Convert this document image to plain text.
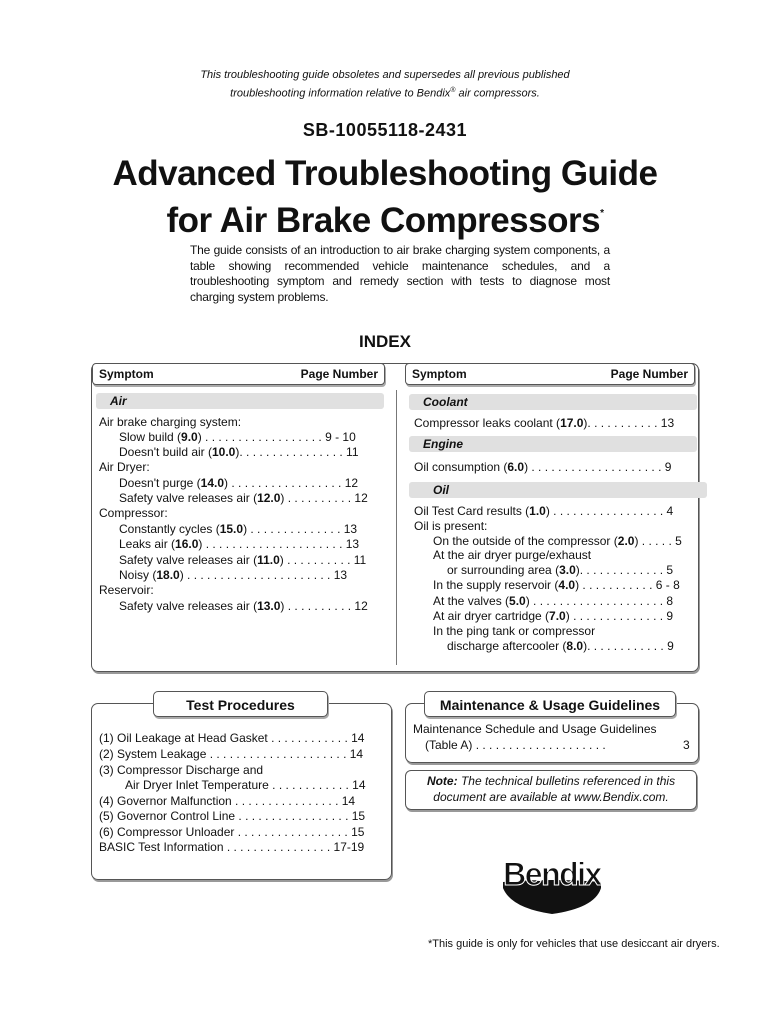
This troubleshooting guide obsoletes and supersedes all previous published
troubleshooting information relative to Bendix® air compressors.
SB-10055118-2431
Advanced Troubleshooting Guide
for Air Brake Compressors*
The guide consists of an introduction to air brake charging system components, a table showing recommended vehicle maintenance schedules, and a troubleshooting symptom and remedy section with tests to diagnose most charging system problems.
INDEX
Symptom	Page Number	Symptom	Page Number
Air
Air brake charging system:
Slow build (9.0) . . . . . . . . . . . . . . . . . . 9 - 10
Doesn't build air (10.0). . . . . . . . . . . . . . . . 11
Air Dryer:
Doesn't purge (14.0) . . . . . . . . . . . . . . . . . 12
Safety valve releases air (12.0) . . . . . . . . . . 12
Compressor:
Constantly cycles (15.0) . . . . . . . . . . . . . . 13
Leaks air (16.0) . . . . . . . . . . . . . . . . . . . . . 13
Safety valve releases air (11.0) . . . . . . . . . . 11
Noisy (18.0) . . . . . . . . . . . . . . . . . . . . . . 13
Reservoir:
Safety valve releases air (13.0) . . . . . . . . . . 12
Coolant
Compressor leaks coolant (17.0). . . . . . . . . . . 13
Engine
Oil consumption (6.0) . . . . . . . . . . . . . . . . . . . . 9
Oil
Oil Test Card results (1.0) . . . . . . . . . . . . . . . . . 4
Oil is present:
On the outside of the compressor (2.0) . . . . . 5
At the air dryer purge/exhaust
or surrounding area (3.0). . . . . . . . . . . . . 5
In the supply reservoir (4.0) . . . . . . . . . . . 6 - 8
At the valves (5.0) . . . . . . . . . . . . . . . . . . . . 8
At air dryer cartridge (7.0) . . . . . . . . . . . . . . 9
In the ping tank or compressor
discharge aftercooler (8.0). . . . . . . . . . . . 9
Test Procedures
(1) Oil Leakage at Head Gasket . . . . . . . . . . . . 14
(2) System Leakage . . . . . . . . . . . . . . . . . . . . . 14
(3) Compressor Discharge and
Air Dryer Inlet Temperature . . . . . . . . . . . . 14
(4) Governor Malfunction . . . . . . . . . . . . . . . . 14
(5) Governor Control Line . . . . . . . . . . . . . . . . . 15
(6) Compressor Unloader . . . . . . . . . . . . . . . . . 15
BASIC Test Information . . . . . . . . . . . . . . . . 17-19
Maintenance & Usage Guidelines
Maintenance Schedule and Usage Guidelines
(Table A) . . . . . . . . . . . . . . . . . . . .	3
Note: The technical bulletins referenced in this
document are available at www.Bendix.com.
Bendix
*This guide is only for vehicles that use desiccant air dryers.
